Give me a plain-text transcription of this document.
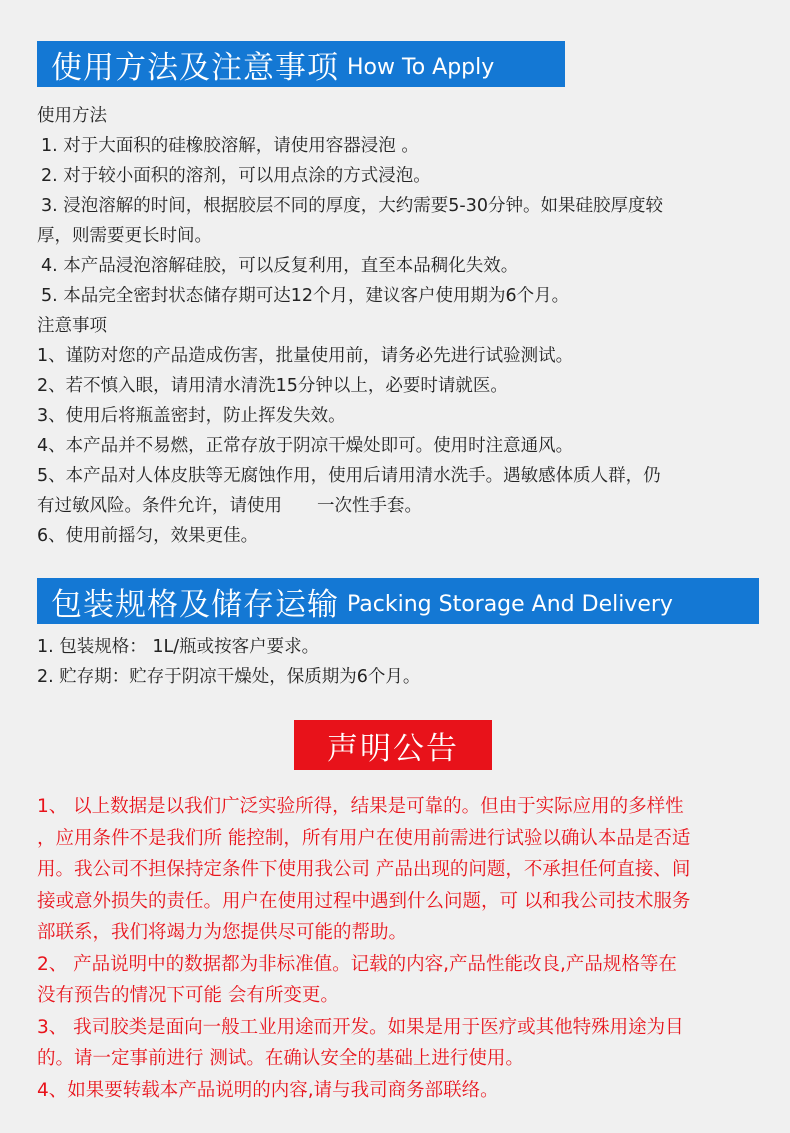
使用方法及注意事项 How To Apply

使用方法

1. 对于大面积的硅橡胶溶解，请使用容器浸泡 。

2. 对于较小面积的溶剂，可以用点涂的方式浸泡。

3. 浸泡溶解的时间，根据胶层不同的厚度，大约需要5-30分钟。如果硅胶厚度较

厚，则需要更长时间。

4. 本产品浸泡溶解硅胶，可以反复利用，直至本品稠化失效。

5. 本品完全密封状态储存期可达12个月，建议客户使用期为6个月。

注意事项

1、谨防对您的产品造成伤害，批量使用前，请务必先进行试验测试。

2、若不慎入眼，请用清水清洗15分钟以上，必要时请就医。

3、使用后将瓶盖密封，防止挥发失效。

4、本产品并不易燃，正常存放于阴凉干燥处即可。使用时注意通风。

5、本产品对人体皮肤等无腐蚀作用，使用后请用清水洗手。遇敏感体质人群，仍

有过敏风险。条件允许，请使用　　一次性手套。

6、使用前摇匀，效果更佳。

包装规格及储存运输 Packing Storage And Delivery

1. 包装规格： 1L/瓶或按客户要求。

2. 贮存期：贮存于阴凉干燥处，保质期为6个月。

声明公告

1、 以上数据是以我们广泛实验所得，结果是可靠的。但由于实际应用的多样性

，应用条件不是我们所 能控制，所有用户在使用前需进行试验以确认本品是否适

用。我公司不担保持定条件下使用我公司 产品出现的问题，不承担任何直接、间

接或意外损失的责任。用户在使用过程中遇到什么问题，可 以和我公司技术服务

部联系，我们将竭力为您提供尽可能的帮助。

2、 产品说明中的数据都为非标准值。记载的内容,产品性能改良,产品规格等在

没有预告的情况下可能 会有所变更。

3、 我司胶类是面向一般工业用途而开发。如果是用于医疗或其他特殊用途为目

的。请一定事前进行 测试。在确认安全的基础上进行使用。

4、如果要转载本产品说明的内容,请与我司商务部联络。
